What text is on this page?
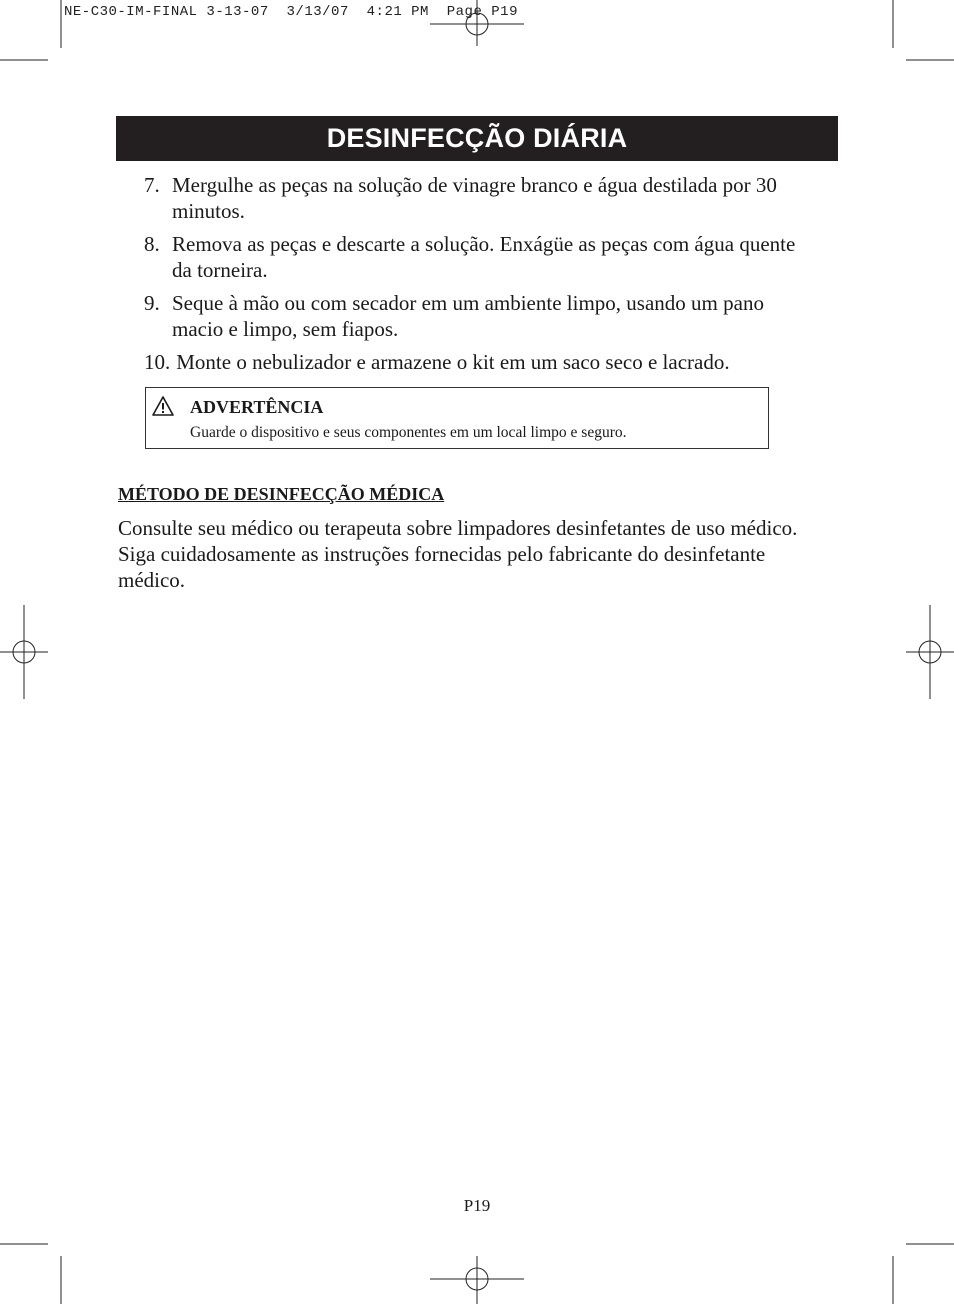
NE-C30-IM-FINAL 3-13-07  3/13/07  4:21 PM  Page P19
DESINFECÇÃO DIÁRIA
7. Mergulhe as peças na solução de vinagre branco e água destilada por 30 minutos.
8. Remova as peças e descarte a solução. Enxágüe as peças com água quente da torneira.
9. Seque à mão ou com secador em um ambiente limpo, usando um pano macio e limpo, sem fiapos.
10. Monte o nebulizador e armazene o kit em um saco seco e lacrado.
ADVERTÊNCIA
Guarde o dispositivo e seus componentes em um local limpo e seguro.
MÉTODO DE DESINFECÇÃO MÉDICA
Consulte seu médico ou terapeuta sobre limpadores desinfetantes de uso médico. Siga cuidadosamente as instruções fornecidas pelo fabricante do desinfetante médico.
P19
